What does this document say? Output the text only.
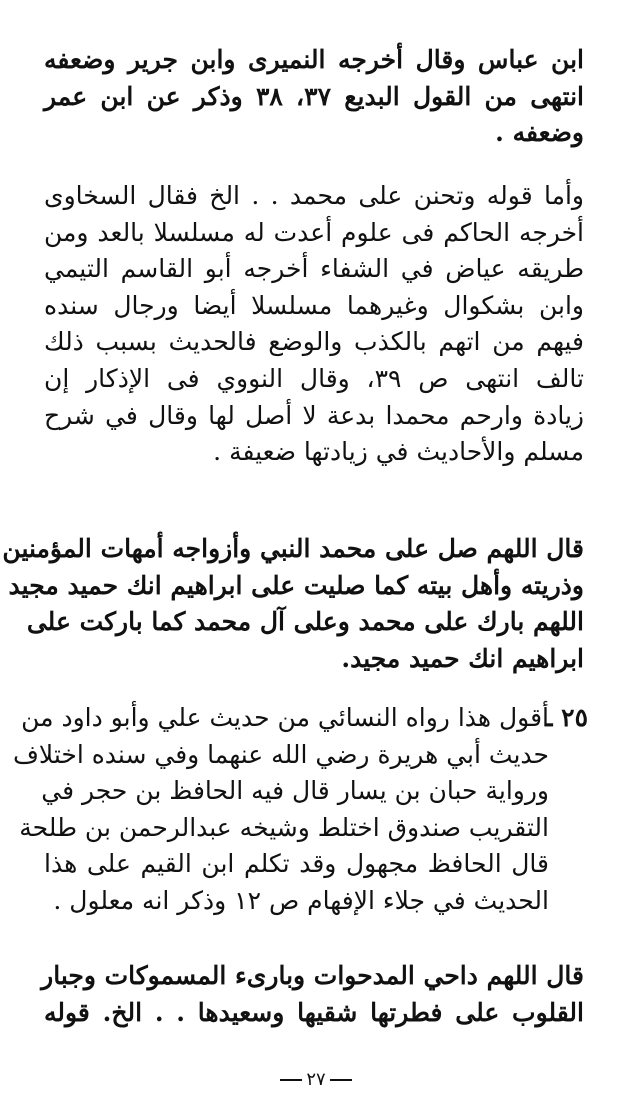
ابن عباس وقال أخرجه النميرى وابن جرير وضعفه
انتهى من القول البديع ۳۷، ۳۸ وذكر عن ابن عمر
وضعفه .
وأما قوله وتحنن على محمد . . الخ فقال السخاوى
أخرجه الحاكم فى علوم أعدت له مسلسلا بالعد ومن
طريقه عياض في الشفاء أخرجه أبو القاسم التيمي
وابن بشكوال وغيرهما مسلسلا أيضا ورجال سنده
فيهم من اتهم بالكذب والوضع فالحديث بسبب ذلك
تالف انتهى ص ۳۹، وقال النووي فى الإذكار إن
زيادة وارحم محمدا بدعة لا أصل لها وقال في شرح
مسلم والأحاديث في زيادتها ضعيفة .
قال اللهم صل على محمد النبي وأزواجه أمهات المؤمنين
وذريته وأهل بيته كما صليت على ابراهيم انك حميد مجيد
اللهم بارك على محمد وعلى آل محمد كما باركت على
ابراهيم انك حميد مجيد.
٢٥ ـ
أقول هذا رواه النسائي من حديث علي وأبو داود من
حديث أبي هريرة رضي الله عنهما وفي سنده اختلاف
ورواية حبان بن يسار قال فيه الحافظ بن حجر في
التقريب صندوق اختلط وشيخه عبدالرحمن بن طلحة
قال الحافظ مجهول وقد تكلم ابن القيم على هذا
الحديث في جلاء الإفهام ص ١٢ وذكر انه معلول .
قال اللهم داحي المدحوات وبارىء المسموكات وجبار
القلوب على فطرتها شقيها وسعيدها . . الخ. قوله
٢٧
